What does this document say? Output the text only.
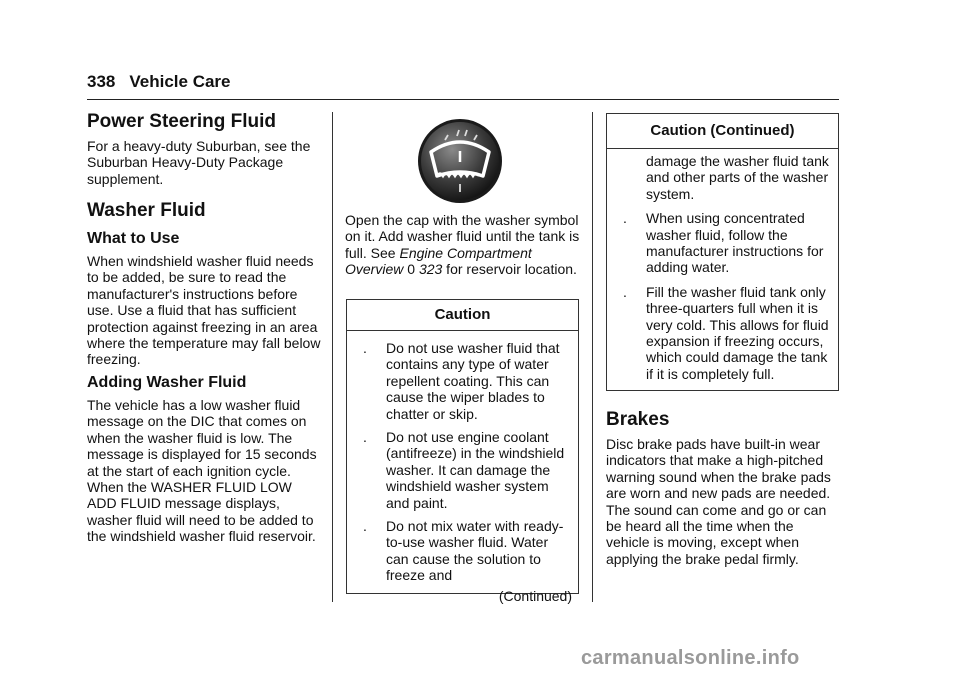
338 Vehicle Care
Power Steering Fluid

For a heavy-duty Suburban, see the Suburban Heavy-Duty Package supplement.

Washer Fluid
What to Use

When windshield washer fluid needs to be added, be sure to read the manufacturer's instructions before use. Use a fluid that has sufficient protection against freezing in an area where the temperature may fall below freezing.

Adding Washer Fluid

The vehicle has a low washer fluid message on the DIC that comes on when the washer fluid is low. The message is displayed for 15 seconds at the start of each ignition cycle. When the WASHER FLUID LOW ADD FLUID message displays, washer fluid will need to be added to the windshield washer fluid reservoir.

Open the cap with the washer symbol on it. Add washer fluid until the tank is full. See Engine Compartment Overview 0 323 for reservoir location.

Caution
. Do not use washer fluid that contains any type of water repellent coating. This can cause the wiper blades to chatter or skip.
. Do not use engine coolant (antifreeze) in the windshield washer. It can damage the windshield washer system and paint.
. Do not mix water with ready-to-use washer fluid. Water can cause the solution to freeze and
(Continued)
Caution (Continued)
damage the washer fluid tank and other parts of the washer system.
. When using concentrated washer fluid, follow the manufacturer instructions for adding water.
. Fill the washer fluid tank only three-quarters full when it is very cold. This allows for fluid expansion if freezing occurs, which could damage the tank if it is completely full.
Brakes

Disc brake pads have built-in wear indicators that make a high-pitched warning sound when the brake pads are worn and new pads are needed. The sound can come and go or can be heard all the time when the vehicle is moving, except when applying the brake pedal firmly.

carmanualsonline.info
